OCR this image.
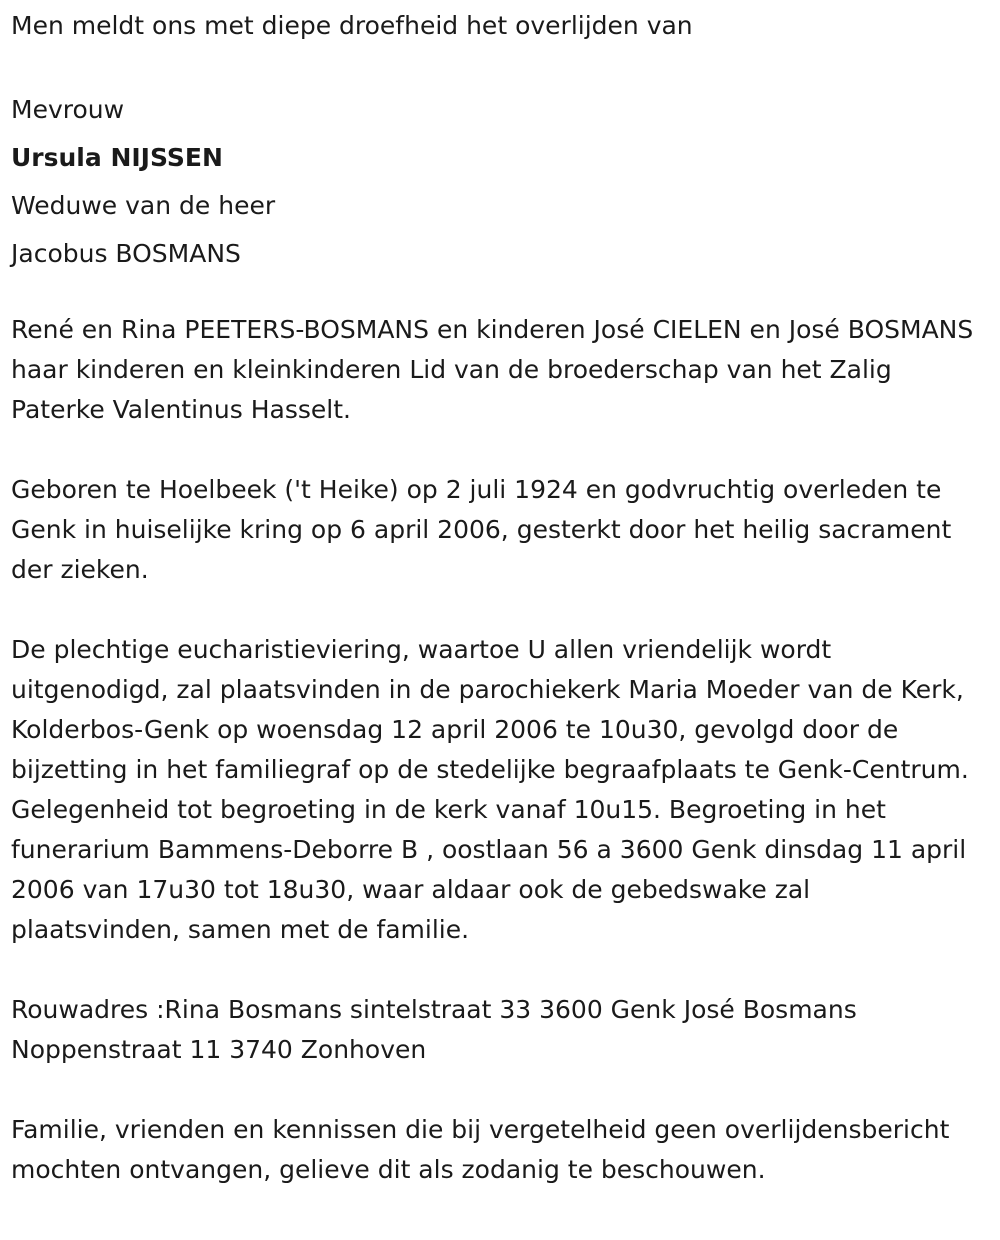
Men meldt ons met diepe droefheid het overlijden van

Mevrouw

Ursula NIJSSEN

Weduwe van de heer

Jacobus BOSMANS

René en Rina PEETERS-BOSMANS en kinderen José CIELEN en José BOSMANS haar kinderen en kleinkinderen Lid van de broederschap van het Zalig Paterke Valentinus Hasselt.

Geboren te Hoelbeek ('t Heike) op 2 juli 1924 en godvruchtig overleden te Genk in huiselijke kring op 6 april 2006, gesterkt door het heilig sacrament der zieken.

De plechtige eucharistieviering, waartoe U allen vriendelijk wordt uitgenodigd, zal plaatsvinden in de parochiekerk Maria Moeder van de Kerk, Kolderbos-Genk op woensdag 12 april 2006 te 10u30, gevolgd door de bijzetting in het familiegraf op de stedelijke begraafplaats te Genk-Centrum. Gelegenheid tot begroeting in de kerk vanaf 10u15. Begroeting in het funerarium Bammens-Deborre B , oostlaan 56 a 3600 Genk dinsdag 11 april 2006 van 17u30 tot 18u30, waar aldaar ook de gebedswake zal plaatsvinden, samen met de familie.

Rouwadres :Rina Bosmans sintelstraat 33 3600 Genk José Bosmans Noppenstraat 11 3740 Zonhoven

Familie, vrienden en kennissen die bij vergetelheid geen overlijdensbericht mochten ontvangen, gelieve dit als zodanig te beschouwen.
